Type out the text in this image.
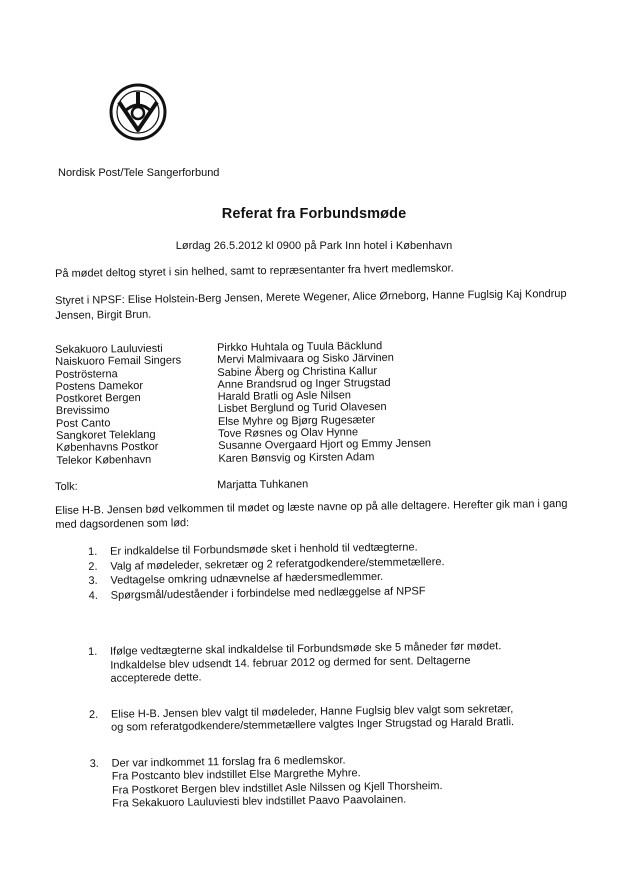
Nordisk Post/Tele Sangerforbund
Referat fra Forbundsmøde
Lørdag 26.5.2012 kl 0900 på Park Inn hotel i København
På mødet deltog styret i sin helhed, samt to repræsentanter fra hvert medlemskor.
Styret i NPSF: Elise Holstein-Berg Jensen, Merete Wegener, Alice Ørneborg, Hanne Fuglsig Kaj Kondrup Jensen, Birgit Brun.
Sekakuoro Lauluviesti	Pirkko Huhtala og Tuula Bäcklund
Naiskuoro Femail Singers	Mervi Malmivaara og Sisko Järvinen
Poströsterna	Sabine Åberg og Christina Kallur
Postens Damekor	Anne Brandsrud og Inger Strugstad
Postkoret Bergen	Harald Bratli og Asle Nilsen
Brevissimo	Lisbet Berglund og Turid Olavesen
Post Canto	Else Myhre og Bjørg Rugesæter
Sangkoret Teleklang	Tove Røsnes og Olav Hynne
Københavns Postkor	Susanne Overgaard Hjort og Emmy Jensen
Telekor København	Karen Bønsvig og Kirsten Adam
Tolk:	Marjatta Tuhkanen
Elise H-B. Jensen bød velkommen til mødet og læste navne op på alle deltagere. Herefter gik man i gang med dagsordenen som lød:
1.	Er indkaldelse til Forbundsmøde sket i henhold til vedtægterne.
2.	Valg af mødeleder, sekretær og 2 referatgodkendere/stemmetællere.
3.	Vedtagelse omkring udnævnelse af hædersmedlemmer.
4.	Spørgsmål/udeståender i forbindelse med nedlæggelse af NPSF
1.	Ifølge vedtægterne skal indkaldelse til Forbundsmøde ske 5 måneder før mødet.
Indkaldelse blev udsendt 14. februar 2012 og dermed for sent. Deltagerne
accepterede dette.
2.	Elise H-B. Jensen blev valgt til mødeleder, Hanne Fuglsig blev valgt som sekretær,
og som referatgodkendere/stemmetællere valgtes Inger Strugstad og Harald Bratli.
3.	Der var indkommet 11 forslag fra 6 medlemskor.
Fra Postcanto blev indstillet Else Margrethe Myhre.
Fra Postkoret Bergen blev indstillet Asle Nilssen og Kjell Thorsheim.
Fra Sekakuoro Lauluviesti blev indstillet Paavo Paavolainen.
